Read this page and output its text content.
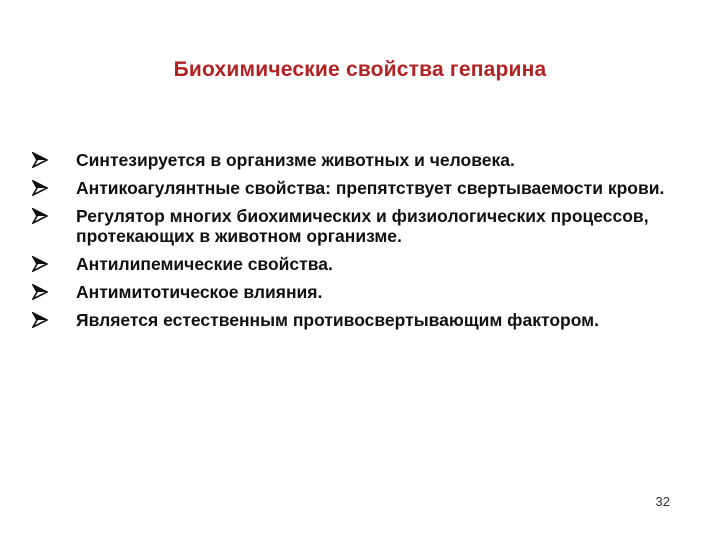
Биохимические свойства гепарина
Синтезируется в организме животных и человека.
Антикоагулянтные свойства: препятствует свертываемости крови.
Регулятор многих биохимических и физиологических процессов, протекающих в животном организме.
Антилипемические свойства.
Антимитотическое влияния.
Является естественным противосвертывающим фактором.
32
